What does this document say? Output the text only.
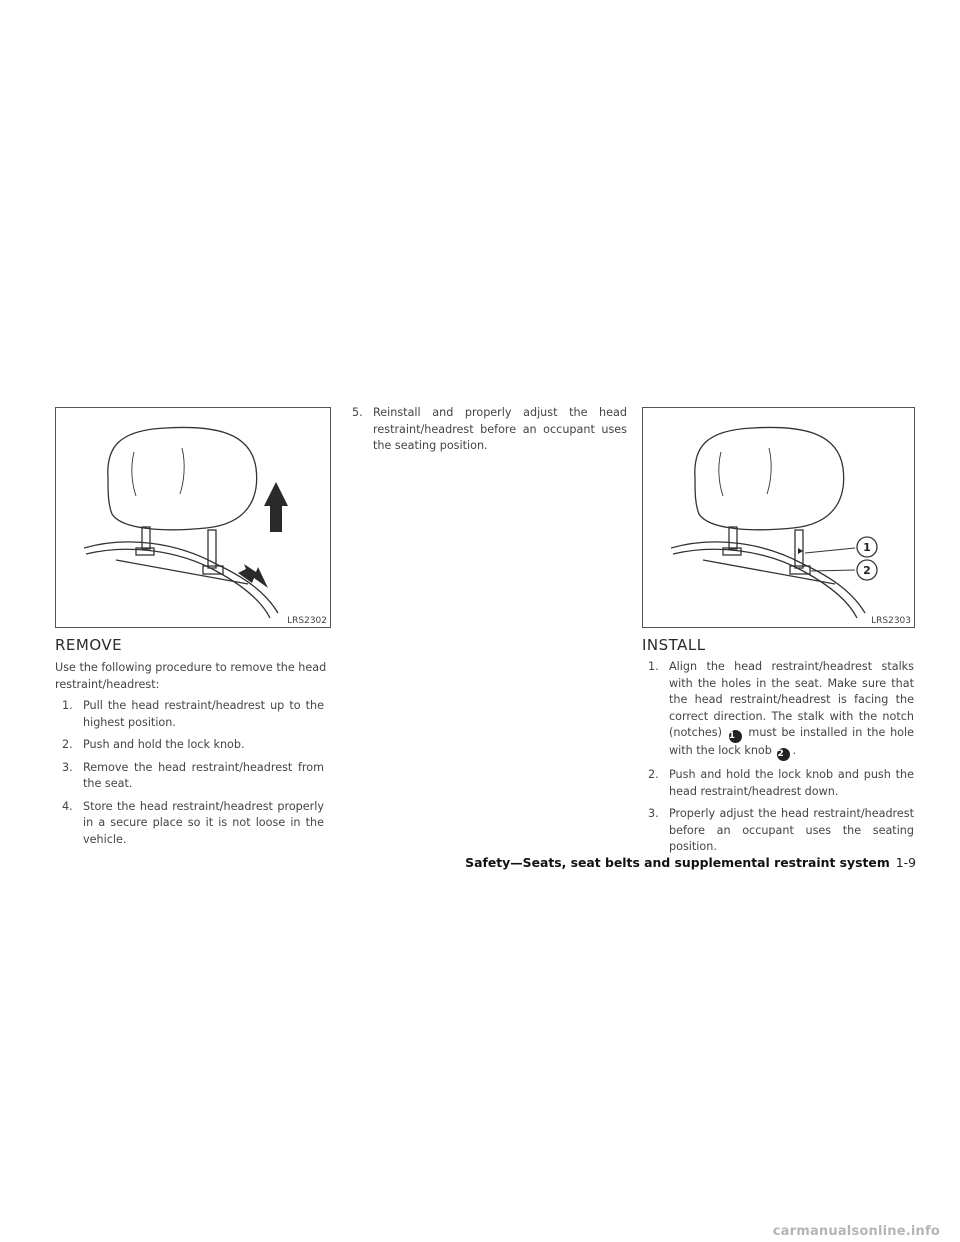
LRS2302
1
2
LRS2303
REMOVE

Use the following procedure to remove the head restraint/headrest:

1. Pull the head restraint/headrest up to the highest position.
2. Push and hold the lock knob.
3. Remove the head restraint/headrest from the seat.
4. Store the head restraint/headrest properly in a secure place so it is not loose in the vehicle.
5. Reinstall and properly adjust the head restraint/headrest before an occupant uses the seating position.
INSTALL
1. Align the head restraint/headrest stalks with the holes in the seat. Make sure that the head restraint/headrest is facing the correct direction. The stalk with the notch (notches) 1 must be installed in the hole with the lock knob 2 .
2. Push and hold the lock knob and push the head restraint/headrest down.
3. Properly adjust the head restraint/headrest before an occupant uses the seating position.
Safety—Seats, seat belts and supplemental restraint system 1-9
carmanualsonline.info
